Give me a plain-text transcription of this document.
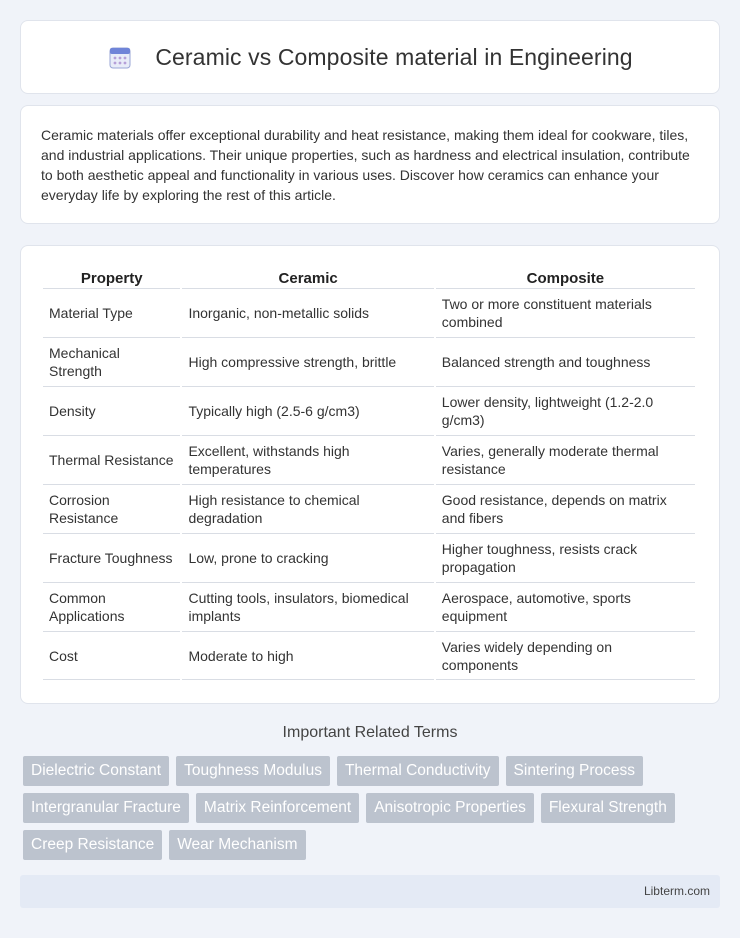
Ceramic vs Composite material in Engineering

Ceramic materials offer exceptional durability and heat resistance, making them ideal for cookware, tiles, and industrial applications. Their unique properties, such as hardness and electrical insulation, contribute to both aesthetic appeal and functionality in various uses. Discover how ceramics can enhance your everyday life by exploring the rest of this article.

Property	Ceramic	Composite
Material Type	Inorganic, non-metallic solids	Two or more constituent materials combined
Mechanical Strength	High compressive strength, brittle	Balanced strength and toughness
Density	Typically high (2.5-6 g/cm3)	Lower density, lightweight (1.2-2.0 g/cm3)
Thermal Resistance	Excellent, withstands high temperatures	Varies, generally moderate thermal resistance
Corrosion Resistance	High resistance to chemical degradation	Good resistance, depends on matrix and fibers
Fracture Toughness	Low, prone to cracking	Higher toughness, resists crack propagation
Common Applications	Cutting tools, insulators, biomedical implants	Aerospace, automotive, sports equipment
Cost	Moderate to high	Varies widely depending on components
Important Related Terms
Dielectric Constant	Toughness Modulus	Thermal Conductivity	Sintering Process
Intergranular Fracture	Matrix Reinforcement	Anisotropic Properties	Flexural Strength
Creep Resistance	Wear Mechanism
Libterm.com
